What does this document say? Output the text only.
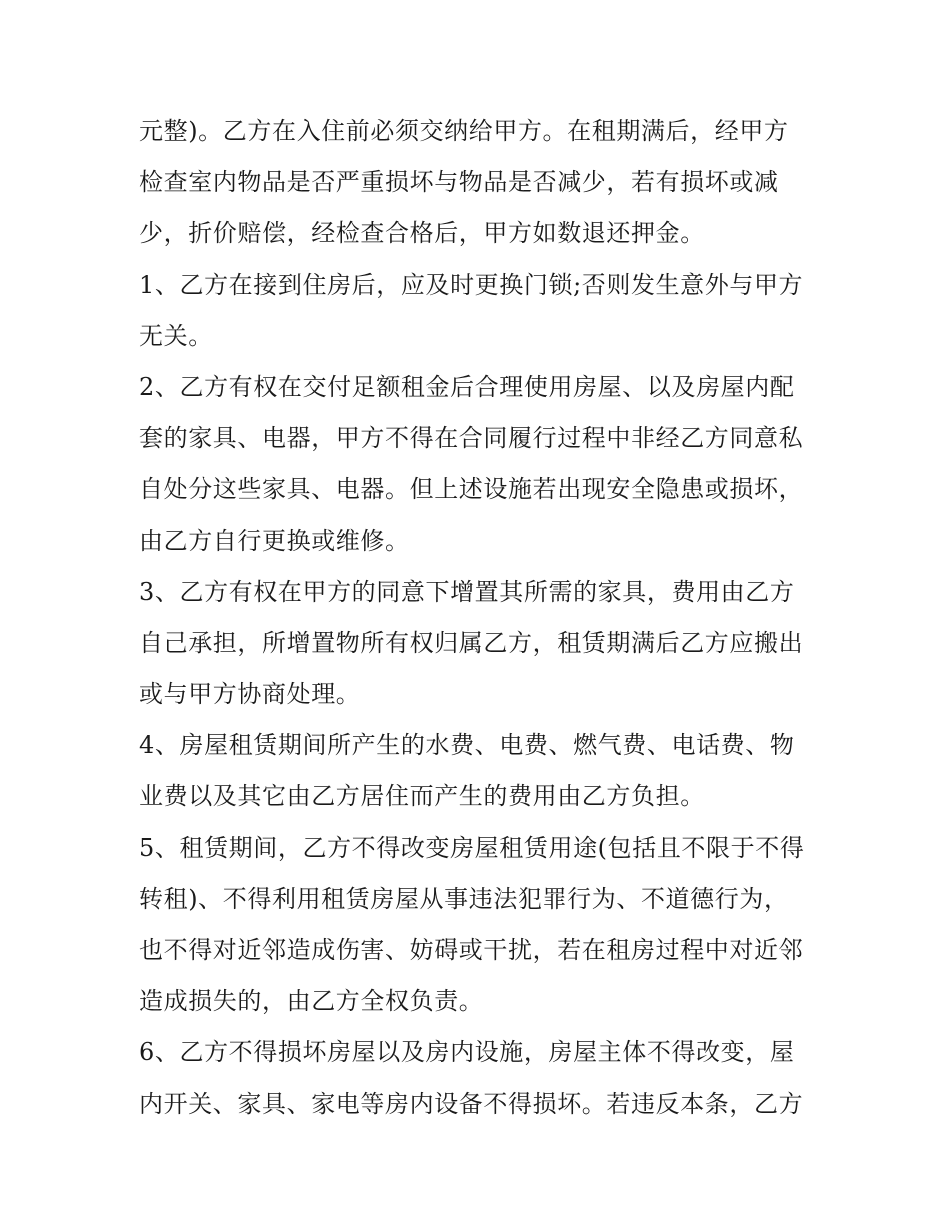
元整)。乙方在入住前必须交纳给甲方。在租期满后，经甲方
检查室内物品是否严重损坏与物品是否减少，若有损坏或减
少，折价赔偿，经检查合格后，甲方如数退还押金。
1、乙方在接到住房后，应及时更换门锁;否则发生意外与甲方
无关。
2、乙方有权在交付足额租金后合理使用房屋、以及房屋内配
套的家具、电器，甲方不得在合同履行过程中非经乙方同意私
自处分这些家具、电器。但上述设施若出现安全隐患或损坏，
由乙方自行更换或维修。
3、乙方有权在甲方的同意下增置其所需的家具，费用由乙方
自己承担，所增置物所有权归属乙方，租赁期满后乙方应搬出
或与甲方协商处理。
4、房屋租赁期间所产生的水费、电费、燃气费、电话费、物
业费以及其它由乙方居住而产生的费用由乙方负担。
5、租赁期间，乙方不得改变房屋租赁用途(包括且不限于不得
转租)、不得利用租赁房屋从事违法犯罪行为、不道德行为，
也不得对近邻造成伤害、妨碍或干扰，若在租房过程中对近邻
造成损失的，由乙方全权负责。
6、乙方不得损坏房屋以及房内设施，房屋主体不得改变，屋
内开关、家具、家电等房内设备不得损坏。若违反本条，乙方
